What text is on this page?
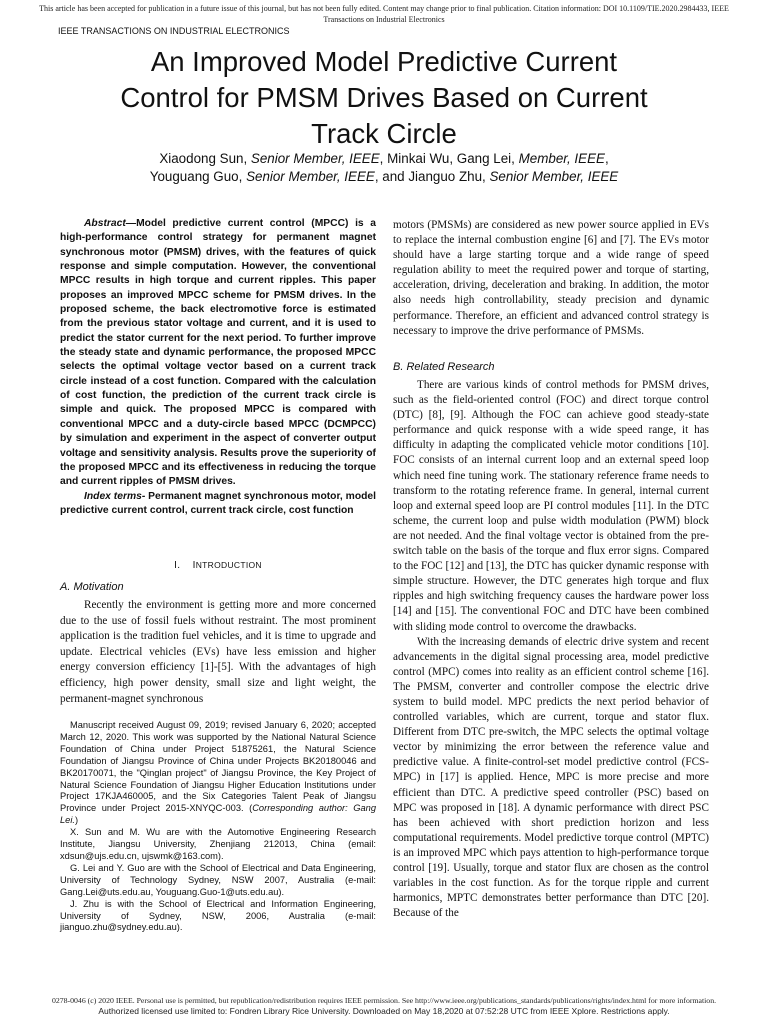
This article has been accepted for publication in a future issue of this journal, but has not been fully edited. Content may change prior to final publication. Citation information: DOI 10.1109/TIE.2020.2984433, IEEE
Transactions on Industrial Electronics
IEEE TRANSACTIONS ON INDUSTRIAL ELECTRONICS
An Improved Model Predictive Current
Control for PMSM Drives Based on Current
Track Circle
Xiaodong Sun, Senior Member, IEEE, Minkai Wu, Gang Lei, Member, IEEE,
Youguang Guo, Senior Member, IEEE, and Jianguo Zhu, Senior Member, IEEE

Abstract—Model predictive current control (MPCC) is a high-performance control strategy for permanent magnet synchronous motor (PMSM) drives, with the features of quick response and simple computation. However, the conventional MPCC results in high torque and current ripples. This paper proposes an improved MPCC scheme for PMSM drives. In the proposed scheme, the back electromotive force is estimated from the previous stator voltage and current, and it is used to predict the stator current for the next period. To further improve the steady state and dynamic performance, the proposed MPCC selects the optimal voltage vector based on a current track circle instead of a cost function. Compared with the calculation of cost function, the prediction of the current track circle is simple and quick. The proposed MPCC is compared with conventional MPCC and a duty-circle based MPCC (DCMPCC) by simulation and experiment in the aspect of converter output voltage and sensitivity analysis. Results prove the superiority of the proposed MPCC and its effectiveness in reducing the torque and current ripples of PMSM drives.

Index terms- Permanent magnet synchronous motor, model predictive current control, current track circle, cost function

I. INTRODUCTION
A. Motivation

Recently the environment is getting more and more concerned due to the use of fossil fuels without restraint. The most prominent application is the tradition fuel vehicles, and it is time to upgrade and update. Electrical vehicles (EVs) have less emission and higher energy conversion efficiency [1]-[5]. With the advantages of high efficiency, high power density, small size and light weight, the permanent-magnet synchronous

Manuscript received August 09, 2019; revised January 6, 2020; accepted March 12, 2020. This work was supported by the National Natural Science Foundation of China under Project 51875261, the Natural Science Foundation of Jiangsu Province of China under Projects BK20180046 and BK20170071, the "Qinglan project" of Jiangsu Province, the Key Project of Natural Science Foundation of Jiangsu Higher Education Institutions under Project 17KJA460005, and the Six Categories Talent Peak of Jiangsu Province under Project 2015-XNYQC-003. (Corresponding author: Gang Lei.)

X. Sun and M. Wu are with the Automotive Engineering Research Institute, Jiangsu University, Zhenjiang 212013, China (email: xdsun@ujs.edu.cn, ujswmk@163.com).

G. Lei and Y. Guo are with the School of Electrical and Data Engineering, University of Technology Sydney, NSW 2007, Australia (e-mail: Gang.Lei@uts.edu.au, Youguang.Guo-1@uts.edu.au).

J. Zhu is with the School of Electrical and Information Engineering, University of Sydney, NSW, 2006, Australia (e-mail: jianguo.zhu@sydney.edu.au).

motors (PMSMs) are considered as new power source applied in EVs to replace the internal combustion engine [6] and [7]. The EVs motor should have a large starting torque and a wide range of speed regulation ability to meet the required power and torque of starting, acceleration, driving, deceleration and braking. In addition, the motor also needs high controllability, steady precision and dynamic performance. Therefore, an efficient and advanced control strategy is necessary to improve the drive performance of PMSMs.

B. Related Research

There are various kinds of control methods for PMSM drives, such as the field-oriented control (FOC) and direct torque control (DTC) [8], [9]. Although the FOC can achieve good steady-state performance and quick response with a wide speed range, it has difficulty in adapting the complicated vehicle motor conditions [10]. FOC consists of an internal current loop and an external speed loop which need fine tuning work. The stationary reference frame needs to transform to the rotating reference frame. In general, internal current loop and external speed loop are PI control modules [11]. In the DTC scheme, the current loop and pulse width modulation (PWM) block are not needed. And the final voltage vector is obtained from the pre-switch table on the basis of the torque and flux error signs. Compared to the FOC [12] and [13], the DTC has quicker dynamic response with simple structure. However, the DTC generates high torque and flux ripples and high switching frequency causes the hardware power loss [14] and [15]. The conventional FOC and DTC have been combined with sliding mode control to overcome the drawbacks.

With the increasing demands of electric drive system and recent advancements in the digital signal processing area, model predictive control (MPC) comes into reality as an efficient control scheme [16]. The PMSM, converter and controller compose the electric drive system to build model. MPC predicts the next period behavior of controlled variables, which are current, torque and stator flux. Different from DTC pre-switch, the MPC selects the optimal voltage vector by minimizing the error between the reference value and predictive value. A finite-control-set model predictive control (FCS-MPC) in [17] is applied. Hence, MPC is more precise and more efficient than DTC. A predictive speed controller (PSC) based on MPC was proposed in [18]. A dynamic performance with direct PSC has been achieved with short prediction horizon and less computational requirements. Model predictive torque control (MPTC) is an improved MPC which pays attention to high-performance torque control [19]. Usually, torque and stator flux are chosen as the control variables in the cost function. As for the torque ripple and current harmonics, MPTC demonstrates better performance than DTC [20]. Because of the

0278-0046 (c) 2020 IEEE. Personal use is permitted, but republication/redistribution requires IEEE permission. See http://www.ieee.org/publications_standards/publications/rights/index.html for more information.
Authorized licensed use limited to: Fondren Library Rice University. Downloaded on May 18,2020 at 07:52:28 UTC from IEEE Xplore. Restrictions apply.
